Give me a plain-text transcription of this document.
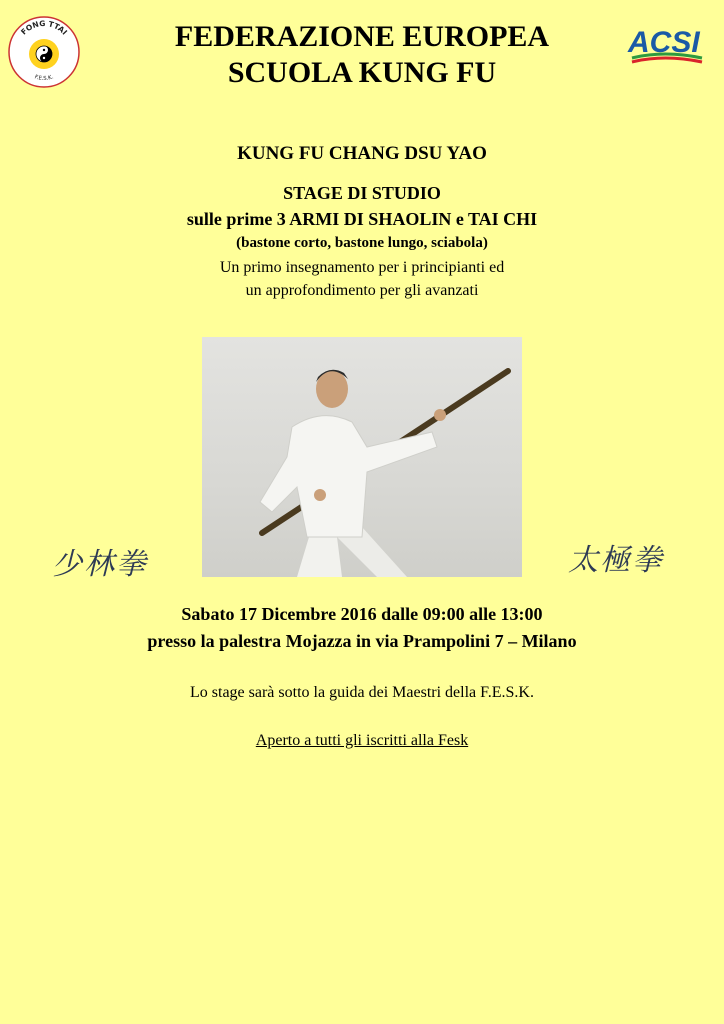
FONG TTAI
F.E.S.K.
ACSI
FEDERAZIONE EUROPEA
SCUOLA KUNG FU
KUNG FU CHANG DSU YAO
STAGE DI STUDIO
sulle prime 3 ARMI DI SHAOLIN e TAI CHI
(bastone corto, bastone lungo, sciabola)
Un primo insegnamento per i principianti ed
un approfondimento per gli avanzati
少林拳	太極拳
Sabato 17 Dicembre 2016 dalle 09:00 alle 13:00
presso la palestra Mojazza in via Prampolini 7 – Milano
Lo stage sarà sotto la guida dei Maestri della F.E.S.K.
Aperto a tutti gli iscritti alla Fesk
